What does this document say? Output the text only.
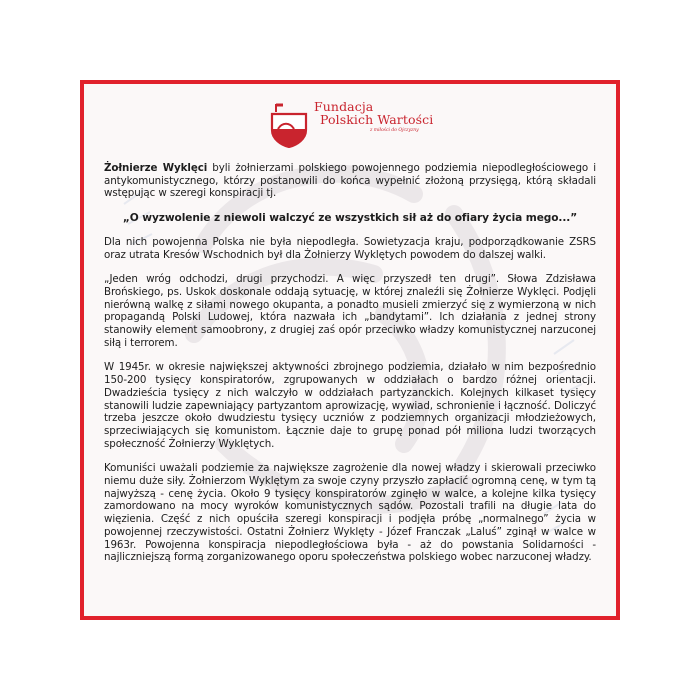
Fundacja
Polskich Wartości
z miłości do Ojczyzny

Żołnierze Wyklęci byli żołnierzami polskiego powojennego podziemia niepodległościowego i antykomunistycznego, którzy postanowili do końca wypełnić złożoną przysięgą, którą składali wstępując w szeregi konspiracji tj.

„O wyzwolenie z niewoli walczyć ze wszystkich sił aż do ofiary życia mego...”

Dla nich powojenna Polska nie była niepodległa. Sowietyzacja kraju, podporządkowanie ZSRS oraz utrata Kresów Wschodnich był dla Żołnierzy Wyklętych powodem do dalszej walki.

„Jeden wróg odchodzi, drugi przychodzi. A więc przyszedł ten drugi”. Słowa Zdzisława Brońskiego, ps. Uskok doskonale oddają sytuację, w której znaleźli się Żołnierze Wyklęci. Podjęli nierówną walkę z siłami nowego okupanta, a ponadto musieli zmierzyć się z wymierzoną w nich propagandą Polski Ludowej, która nazwała ich „bandytami”. Ich działania z jednej strony stanowiły element samoobrony, z drugiej zaś opór przeciwko władzy komunistycznej narzuconej siłą i terrorem.

W 1945r. w okresie największej aktywności zbrojnego podziemia, działało w nim bezpośrednio 150-200 tysięcy konspiratorów, zgrupowanych w oddziałach o bardzo różnej orientacji. Dwadzieścia tysięcy z nich walczyło w oddziałach partyzanckich. Kolejnych kilkaset tysięcy stanowili ludzie zapewniający partyzantom aprowizację, wywiad, schronienie i łączność. Doliczyć trzeba jeszcze około dwudziestu tysięcy uczniów z podziemnych organizacji młodzieżowych, sprzeciwiających się komunistom. Łącznie daje to grupę ponad pół miliona ludzi tworzących społeczność Żołnierzy Wyklętych.

Komuniści uważali podziemie za największe zagrożenie dla nowej władzy i skierowali przeciwko niemu duże siły. Żołnierzom Wyklętym za swoje czyny przyszło zapłacić ogromną cenę, w tym tą najwyższą - cenę życia. Około 9 tysięcy konspiratorów zginęło w walce, a kolejne kilka tysięcy zamordowano na mocy wyroków komunistycznych sądów. Pozostali trafili na długie lata do więzienia. Część z nich opuściła szeregi konspiracji i podjęła próbę „normalnego” życia w powojennej rzeczywistości. Ostatni Żołnierz Wyklęty - Józef Franczak „Laluś” zginął w walce w 1963r. Powojenna konspiracja niepodległościowa była - aż do powstania Solidarności - najliczniejszą formą zorganizowanego oporu społeczeństwa polskiego wobec narzuconej władzy.
